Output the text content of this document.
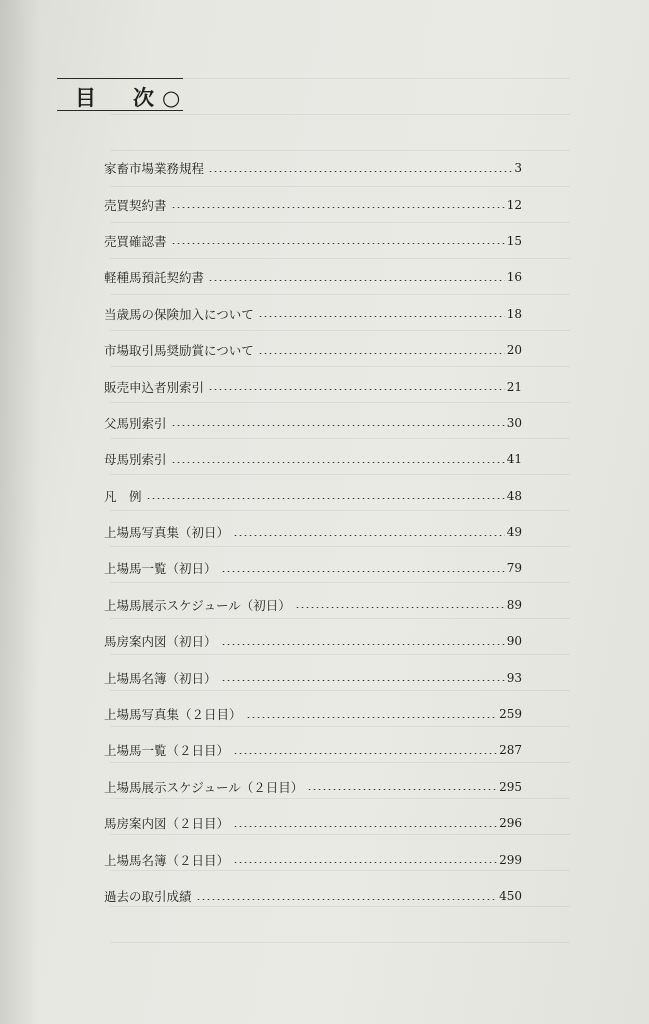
目　次○
家畜市場業務規程	3
売買契約書	12
売買確認書	15
軽種馬預託契約書	16
当歳馬の保険加入について	18
市場取引馬奨励賞について	20
販売申込者別索引	21
父馬別索引	30
母馬別索引	41
凡　例	48
上場馬写真集（初日）	49
上場馬一覧（初日）	79
上場馬展示スケジュール（初日）	89
馬房案内図（初日）	90
上場馬名簿（初日）	93
上場馬写真集（２日目）	259
上場馬一覧（２日目）	287
上場馬展示スケジュール（２日目）	295
馬房案内図（２日目）	296
上場馬名簿（２日目）	299
過去の取引成績	450
